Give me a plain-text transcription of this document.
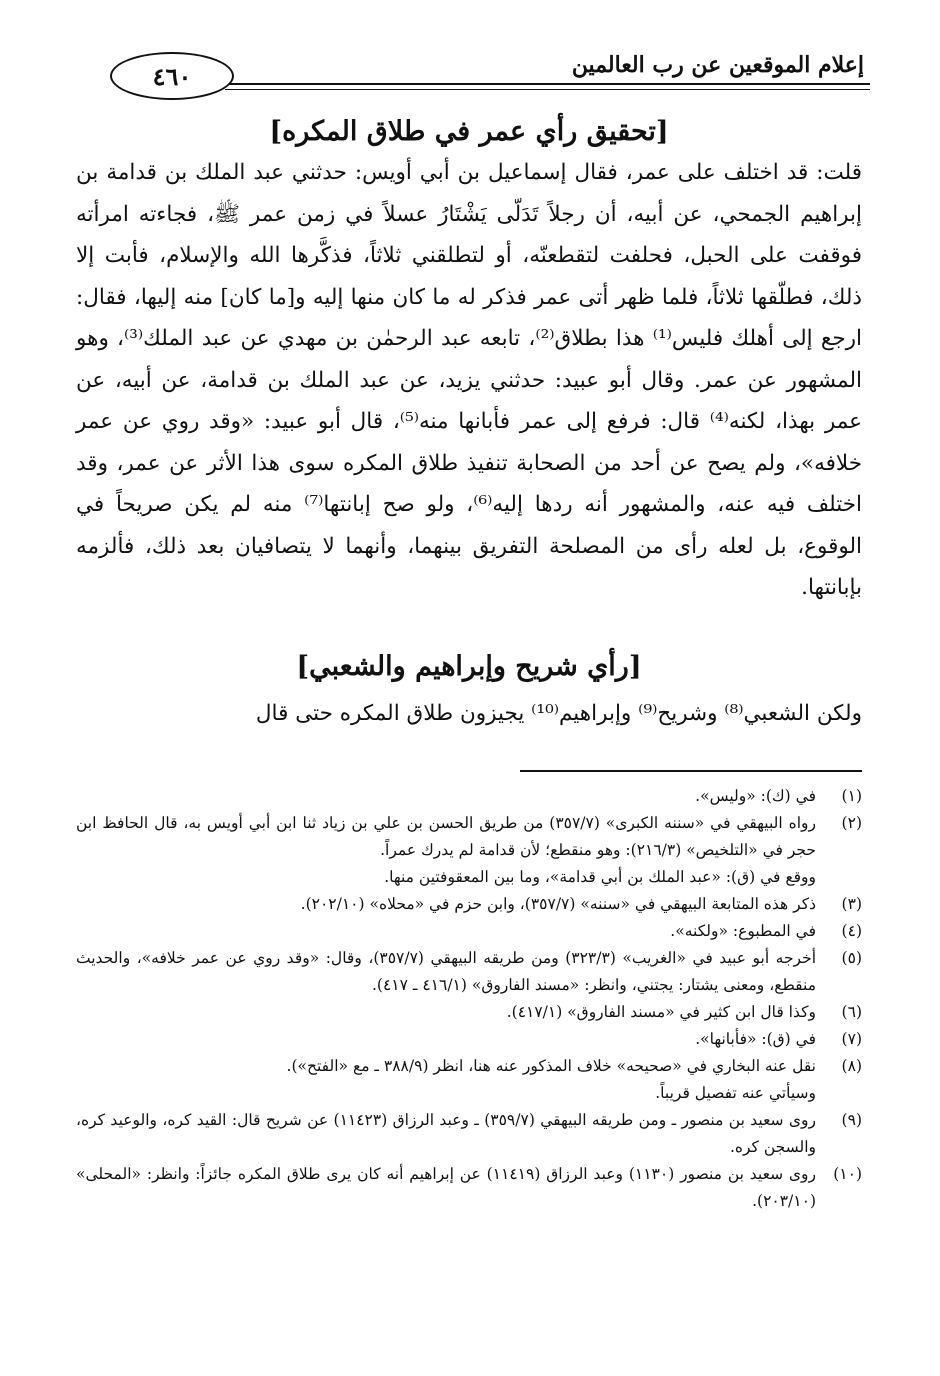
٤٦٠	إعلام الموقعين عن رب العالمين
[تحقيق رأي عمر في طلاق المكره]

قلت: قد اختلف على عمر، فقال إسماعيل بن أبي أويس: حدثني عبد الملك بن قدامة بن إبراهيم الجمحي، عن أبيه، أن رجلاً تَدَلّى يَشْتَارُ عسلاً في زمن عمر ﷺ، فجاءته امرأته فوقفت على الحبل، فحلفت لتقطعنّه، أو لتطلقني ثلاثاً، فذكَّرها الله والإسلام، فأبت إلا ذلك، فطلّقها ثلاثاً، فلما ظهر أتى عمر فذكر له ما كان منها إليه و[ما كان] منه إليها، فقال: ارجع إلى أهلك فليس⁽¹⁾ هذا بطلاق⁽²⁾، تابعه عبد الرحمٰن بن مهدي عن عبد الملك⁽³⁾، وهو المشهور عن عمر. وقال أبو عبيد: حدثني يزيد، عن عبد الملك بن قدامة، عن أبيه، عن عمر بهذا، لكنه⁽⁴⁾ قال: فرفع إلى عمر فأبانها منه⁽⁵⁾، قال أبو عبيد: «وقد روي عن عمر خلافه»، ولم يصح عن أحد من الصحابة تنفيذ طلاق المكره سوى هذا الأثر عن عمر، وقد اختلف فيه عنه، والمشهور أنه ردها إليه⁽⁶⁾، ولو صح إبانتها⁽⁷⁾ منه لم يكن صريحاً في الوقوع، بل لعله رأى من المصلحة التفريق بينهما، وأنهما لا يتصافيان بعد ذلك، فألزمه بإبانتها.

[رأي شريح وإبراهيم والشعبي]

ولكن الشعبي⁽⁸⁾ وشريح⁽⁹⁾ وإبراهيم⁽¹⁰⁾ يجيزون طلاق المكره حتى قال

(١)
في (ك): «وليس».
(٢)
رواه البيهقي في «سننه الكبرى» (٣٥٧/٧) من طريق الحسن بن علي بن زياد ثنا ابن أبي أويس به، قال الحافظ ابن حجر في «التلخيص» (٢١٦/٣): وهو منقطع؛ لأن قدامة لم يدرك عمراً.
ووقع في (ق): «عبد الملك بن أبي قدامة»، وما بين المعقوفتين منها.
(٣)
ذكر هذه المتابعة البيهقي في «سننه» (٣٥٧/٧)، وابن حزم في «محلاه» (٢٠٢/١٠).
(٤)
في المطبوع: «ولكنه».
(٥)
أخرجه أبو عبيد في «الغريب» (٣٢٣/٣) ومن طريقه البيهقي (٣٥٧/٧)، وقال: «وقد روي عن عمر خلافه»، والحديث منقطع، ومعنى يشتار: يجتني، وانظر: «مسند الفاروق» (٤١٦/١ ـ ٤١٧).
(٦)
وكذا قال ابن كثير في «مسند الفاروق» (٤١٧/١).
(٧)
في (ق): «فأبانها».
(٨)
نقل عنه البخاري في «صحيحه» خلاف المذكور عنه هنا، انظر (٣٨٨/٩ ـ مع «الفتح»).
وسيأتي عنه تفصيل قريباً.
(٩)
روى سعيد بن منصور ـ ومن طريقه البيهقي (٣٥٩/٧) ـ وعبد الرزاق (١١٤٢٣) عن شريح قال: القيد كره، والوعيد كره، والسجن كره.
(١٠)
روى سعيد بن منصور (١١٣٠) وعبد الرزاق (١١٤١٩) عن إبراهيم أنه كان يرى طلاق المكره جائزاً: وانظر: «المحلى» (٢٠٣/١٠).
